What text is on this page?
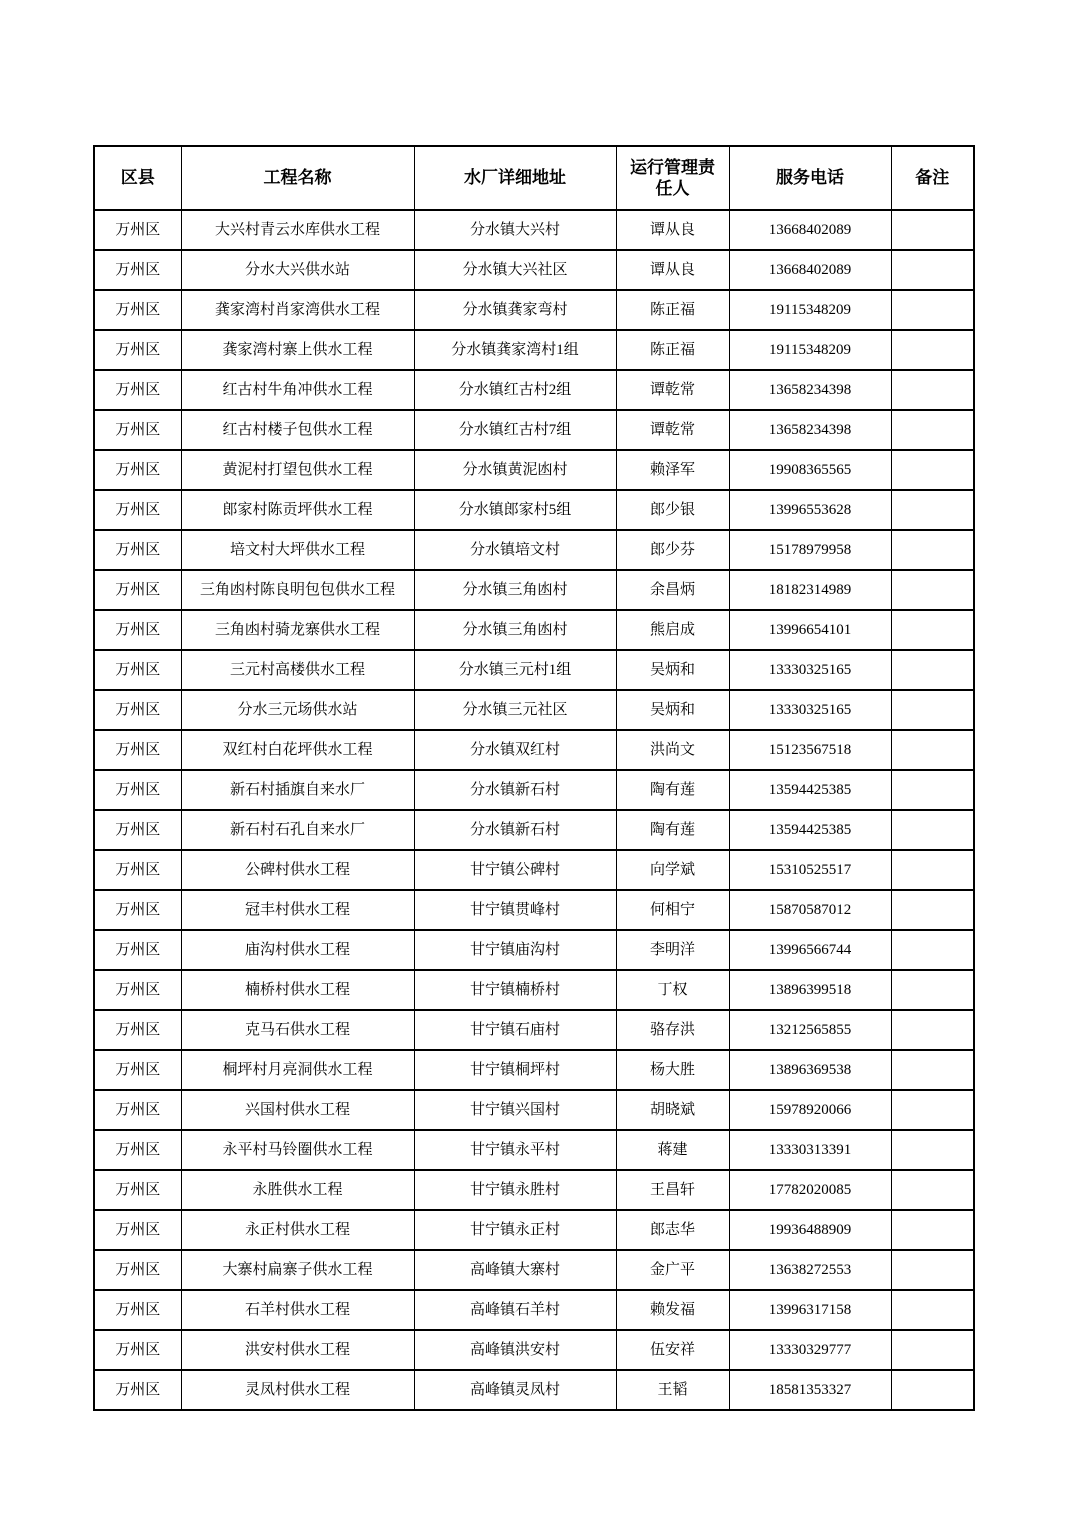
区县	工程名称	水厂详细地址	运行管理责任人	服务电话	备注
万州区	大兴村青云水库供水工程	分水镇大兴村	谭从良	13668402089	
万州区	分水大兴供水站	分水镇大兴社区	谭从良	13668402089	
万州区	龚家湾村肖家湾供水工程	分水镇龚家弯村	陈正福	19115348209	
万州区	龚家湾村寨上供水工程	分水镇龚家湾村1组	陈正福	19115348209	
万州区	红古村牛角冲供水工程	分水镇红古村2组	谭乾常	13658234398	
万州区	红古村楼子包供水工程	分水镇红古村7组	谭乾常	13658234398	
万州区	黄泥村打望包供水工程	分水镇黄泥凼村	赖泽军	19908365565	
万州区	郎家村陈贡坪供水工程	分水镇郎家村5组	郎少银	13996553628	
万州区	培文村大坪供水工程	分水镇培文村	郎少芬	15178979958	
万州区	三角凼村陈良明包包供水工程	分水镇三角凼村	余昌炳	18182314989	
万州区	三角凼村骑龙寨供水工程	分水镇三角凼村	熊启成	13996654101	
万州区	三元村高楼供水工程	分水镇三元村1组	吴炳和	13330325165	
万州区	分水三元场供水站	分水镇三元社区	吴炳和	13330325165	
万州区	双红村白花坪供水工程	分水镇双红村	洪尚文	15123567518	
万州区	新石村插旗自来水厂	分水镇新石村	陶有莲	13594425385	
万州区	新石村石孔自来水厂	分水镇新石村	陶有莲	13594425385	
万州区	公碑村供水工程	甘宁镇公碑村	向学斌	15310525517	
万州区	冠丰村供水工程	甘宁镇贯峰村	何相宁	15870587012	
万州区	庙沟村供水工程	甘宁镇庙沟村	李明洋	13996566744	
万州区	楠桥村供水工程	甘宁镇楠桥村	丁权	13896399518	
万州区	克马石供水工程	甘宁镇石庙村	骆存洪	13212565855	
万州区	桐坪村月亮洞供水工程	甘宁镇桐坪村	杨大胜	13896369538	
万州区	兴国村供水工程	甘宁镇兴国村	胡晓斌	15978920066	
万州区	永平村马铃圈供水工程	甘宁镇永平村	蒋建	13330313391	
万州区	永胜供水工程	甘宁镇永胜村	王昌轩	17782020085	
万州区	永正村供水工程	甘宁镇永正村	郎志华	19936488909	
万州区	大寨村扁寨子供水工程	高峰镇大寨村	金广平	13638272553	
万州区	石羊村供水工程	高峰镇石羊村	赖发福	13996317158	
万州区	洪安村供水工程	高峰镇洪安村	伍安祥	13330329777	
万州区	灵凤村供水工程	高峰镇灵凤村	王韬	18581353327	
